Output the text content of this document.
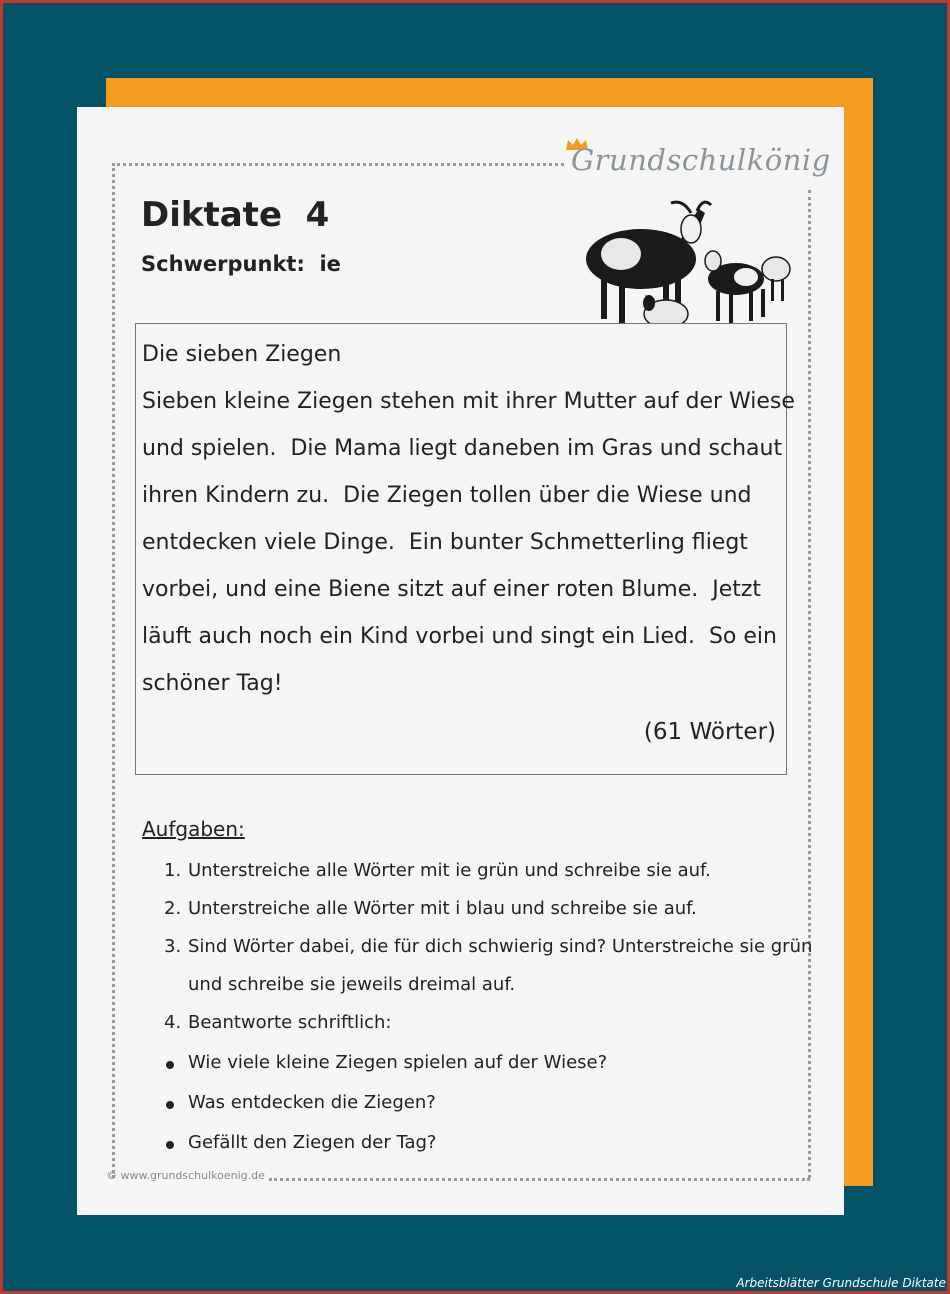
Grundschulkönig
Diktate  4
Schwerpunkt:  ie
Die sieben Ziegen
Sieben kleine Ziegen stehen mit ihrer Mutter auf der Wiese
und spielen.  Die Mama liegt daneben im Gras und schaut
ihren Kindern zu.  Die Ziegen tollen über die Wiese und
entdecken viele Dinge.  Ein bunter Schmetterling fliegt
vorbei, und eine Biene sitzt auf einer roten Blume.  Jetzt
läuft auch noch ein Kind vorbei und singt ein Lied.  So ein
schöner Tag!
(61 Wörter)
Aufgaben:
1. Unterstreiche alle Wörter mit ie grün und schreibe sie auf.
2. Unterstreiche alle Wörter mit i blau und schreibe sie auf.
3. Sind Wörter dabei, die für dich schwierig sind? Unterstreiche sie grün
und schreibe sie jeweils dreimal auf.
4. Beantworte schriftlich:
Wie viele kleine Ziegen spielen auf der Wiese?
Was entdecken die Ziegen?
Gefällt den Ziegen der Tag?
© www.grundschulkoenig.de
Arbeitsblätter Grundschule Diktate
